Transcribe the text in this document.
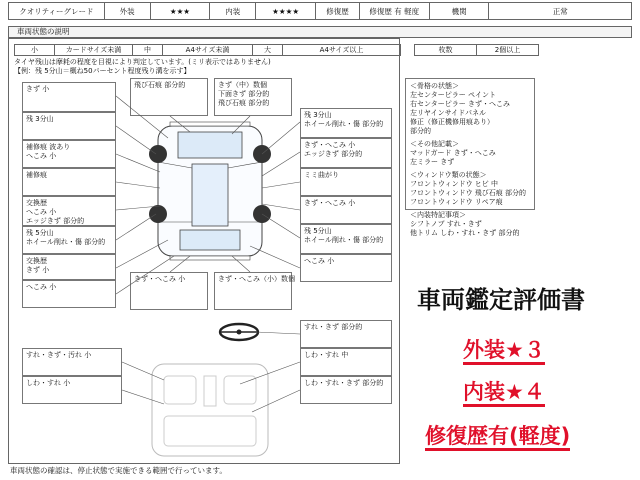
クオリティーグレード	外装	★★★	内装	★★★★	修復歴	修復歴 有 軽度	機関	正常
車両状態の説明
小	カードサイズ未満	中	A4サイズ未満	大	A4サイズ以上	枚数	2個以上
タイヤ残山は摩耗の程度を目視により判定しています。(ミリ表示ではありません)
【例：残 5分山＝概ね50パーセント程度残り溝を示す】
きず 小
残 3分山
補修痕 波あり
へこみ 小
補修痕
交換歴
へこみ 小
エッジきず 部分的
残 5分山
ホイール削れ・傷 部分的
交換歴
きず 小
へこみ 小
飛び石痕 部分的	きず（中）数個
下面きず 部分的
飛び石痕 部分的
残 3分山
ホイール削れ・傷 部分的
きず・へこみ 小
エッジきず 部分的
ミミ曲がり
きず・へこみ 小
残 5分山
ホイール削れ・傷 部分的
へこみ 小
きず・へこみ 小	きず・へこみ（小）数個
すれ・きず 部分的
すれ・きず・汚れ 小	しわ・すれ 中
しわ・すれ 小	しわ・すれ・きず 部分的
＜骨格の状態＞
左センターピラー ペイント
右センターピラー きず・へこみ
左リヤインサイドパネル
修正（修正機修用痕あり）
部分的
＜その他記載＞
マッドガード きず・へこみ
左ミラー きず
＜ウィンドウ類の状態＞
フロントウィンドウ ヒビ 中
フロントウィンドウ 飛び石痕 部分的
フロントウィンドウ リペア痕
＜内装特記事項＞
シフトノブ すれ・きず
他トリム しわ・すれ・きず 部分的
車両状態の確認は、停止状態で実施できる範囲で行っています。
車両鑑定評価書
外装★３
内装★４
修復歴有(軽度)
